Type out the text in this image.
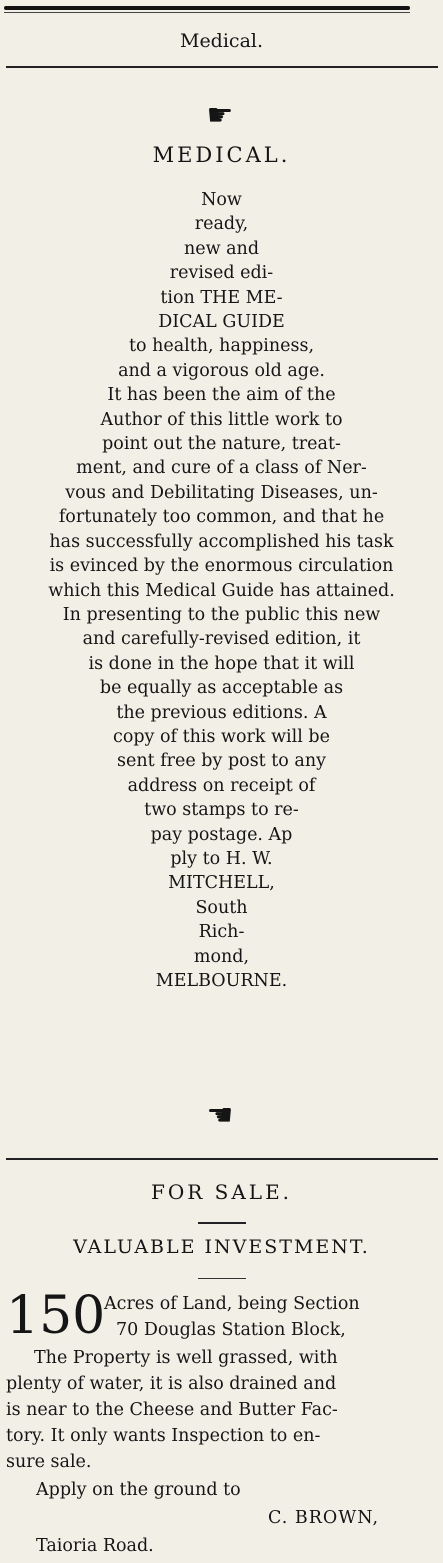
Medical.
☛
MEDICAL.
Now
ready,
new and
revised edi-
tion THE ME-
DICAL GUIDE
to health, happiness,
and a vigorous old age.
It has been the aim of the
Author of this little work to
point out the nature, treat-
ment, and cure of a class of Ner-
vous and Debilitating Diseases, un-
fortunately too common, and that he
has successfully accomplished his task
is evinced by the enormous circulation
which this Medical Guide has attained.
In presenting to the public this new
and carefully-revised edition, it
is done in the hope that it will
be equally as acceptable as
the previous editions. A
copy of this work will be
sent free by post to any
address on receipt of
two stamps to re-
pay postage. Ap
ply to H. W.
MITCHELL,
South
Rich-
mond,
MELBOURNE.
☚
FOR SALE.
VALUABLE INVESTMENT.
150
Acres of Land, being Section
70 Douglas Station Block,
The Property is well grassed, with
plenty of water, it is also drained and
is near to the Cheese and Butter Fac-
tory. It only wants Inspection to en-
sure sale.
Apply on the ground to
C. BROWN,
Taioria Road.
